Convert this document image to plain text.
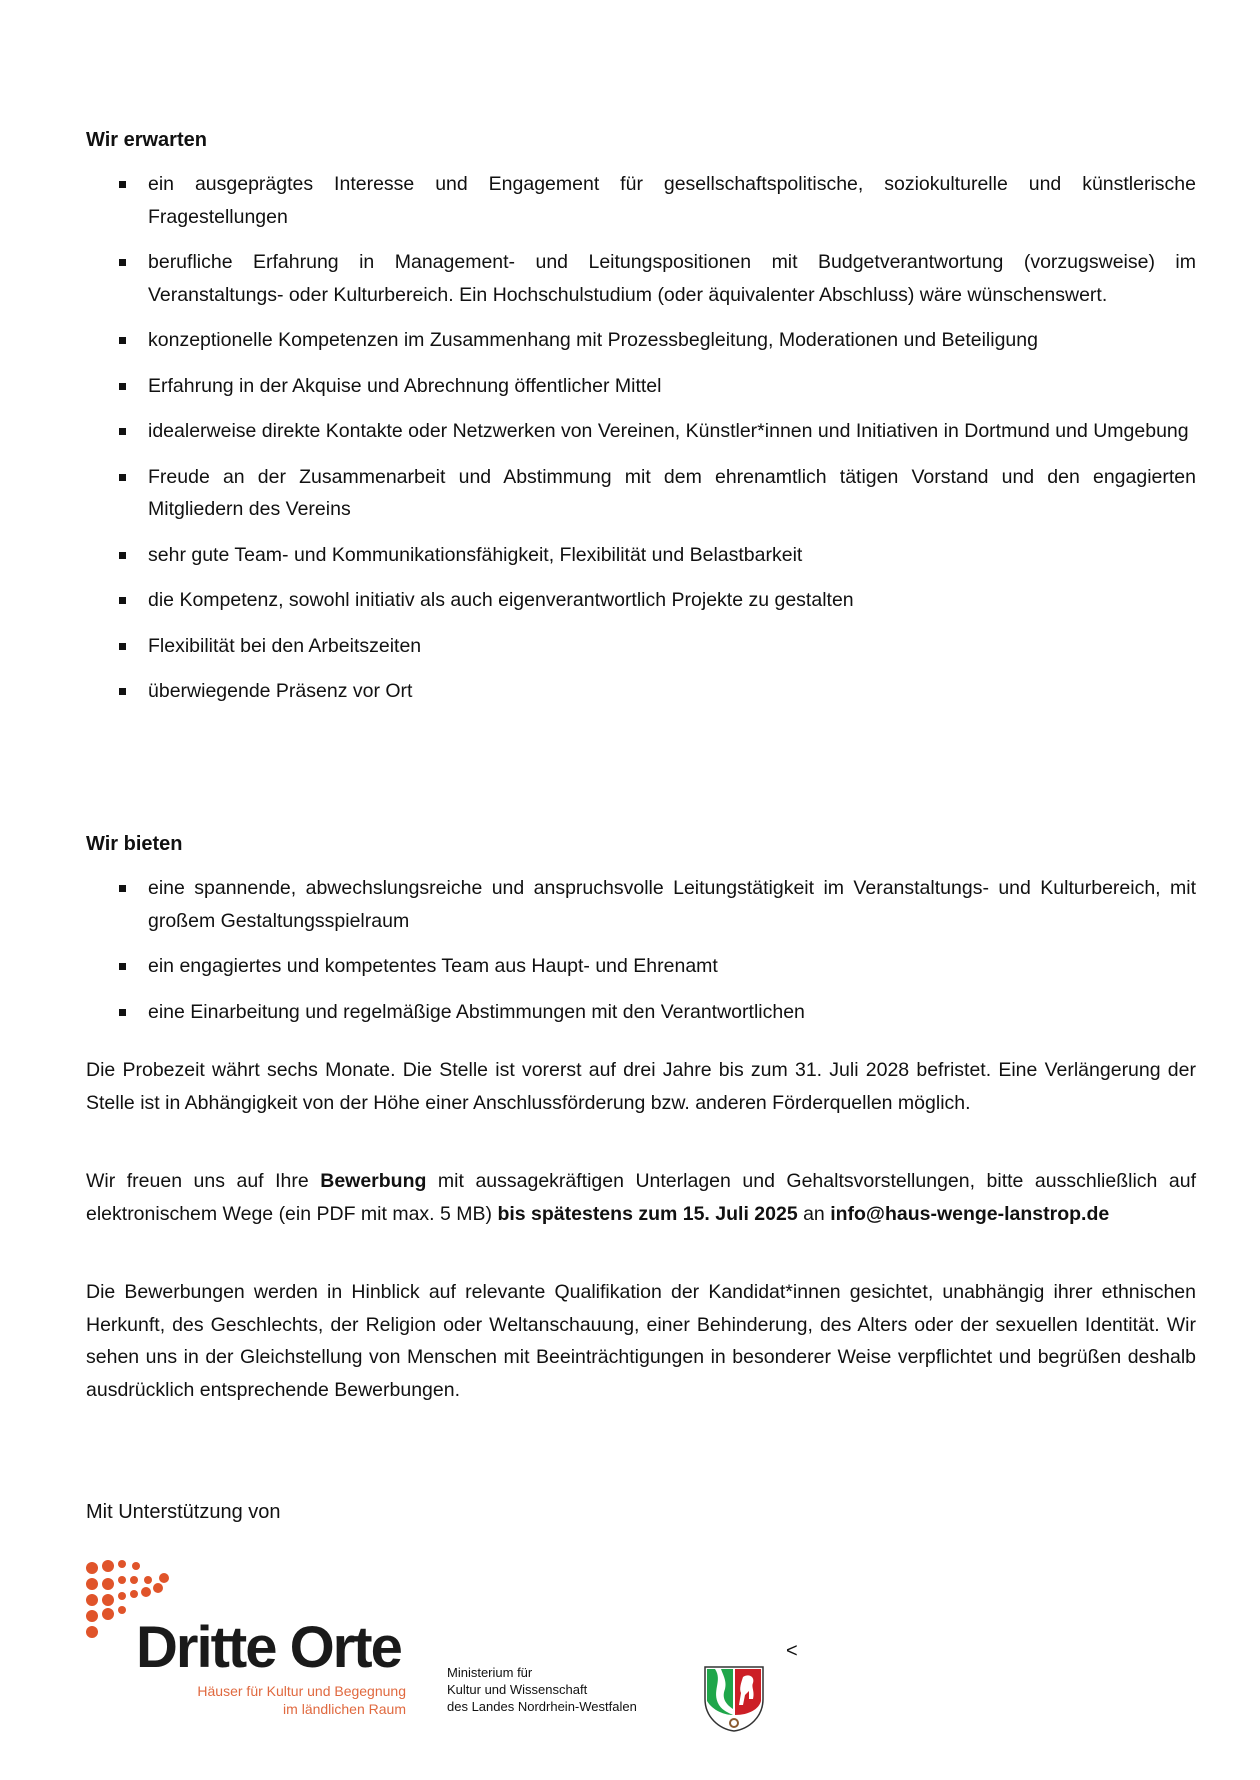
Wir erwarten
ein ausgeprägtes Interesse und Engagement für gesellschaftspolitische, soziokulturelle und künstlerische Fragestellungen
berufliche Erfahrung in Management- und Leitungspositionen mit Budgetverantwortung (vorzugsweise) im Veranstaltungs- oder Kulturbereich. Ein Hochschulstudium (oder äquivalenter Abschluss) wäre wünschenswert.
konzeptionelle Kompetenzen im Zusammenhang mit Prozessbegleitung, Moderationen und Beteiligung
Erfahrung in der Akquise und Abrechnung öffentlicher Mittel
idealerweise direkte Kontakte oder Netzwerken von Vereinen, Künstler*innen und Initiativen in Dortmund und Umgebung
Freude an der Zusammenarbeit und Abstimmung mit dem ehrenamtlich tätigen Vorstand und den engagierten Mitgliedern des Vereins
sehr gute Team- und Kommunikationsfähigkeit, Flexibilität und Belastbarkeit
die Kompetenz, sowohl initiativ als auch eigenverantwortlich Projekte zu gestalten
Flexibilität bei den Arbeitszeiten
überwiegende Präsenz vor Ort
Wir bieten
eine spannende, abwechslungsreiche und anspruchsvolle Leitungstätigkeit im Veranstaltungs- und Kulturbereich, mit großem Gestaltungsspielraum
ein engagiertes und kompetentes Team aus Haupt- und Ehrenamt
eine Einarbeitung und regelmäßige Abstimmungen mit den Verantwortlichen
Die Probezeit währt sechs Monate. Die Stelle ist vorerst auf drei Jahre bis zum 31. Juli 2028 befristet. Eine Verlängerung der Stelle ist in Abhängigkeit von der Höhe einer Anschlussförderung bzw. anderen Förderquellen möglich.
Wir freuen uns auf Ihre Bewerbung mit aussagekräftigen Unterlagen und Gehaltsvorstellungen, bitte ausschließlich auf elektronischem Wege (ein PDF mit max. 5 MB) bis spätestens zum 15. Juli 2025 an info@haus-wenge-lanstrop.de
Die Bewerbungen werden in Hinblick auf relevante Qualifikation der Kandidat*innen gesichtet, unabhängig ihrer ethnischen Herkunft, des Geschlechts, der Religion oder Weltanschauung, einer Behinderung, des Alters oder der sexuellen Identität. Wir sehen uns in der Gleichstellung von Menschen mit Beeinträchtigungen in besonderer Weise verpflichtet und begrüßen deshalb ausdrücklich entsprechende Bewerbungen.
Mit Unterstützung von
Dritte Orte
Häuser für Kultur und Begegnung
im ländlichen Raum
Ministerium für
Kultur und Wissenschaft
des Landes Nordrhein-Westfalen
<
